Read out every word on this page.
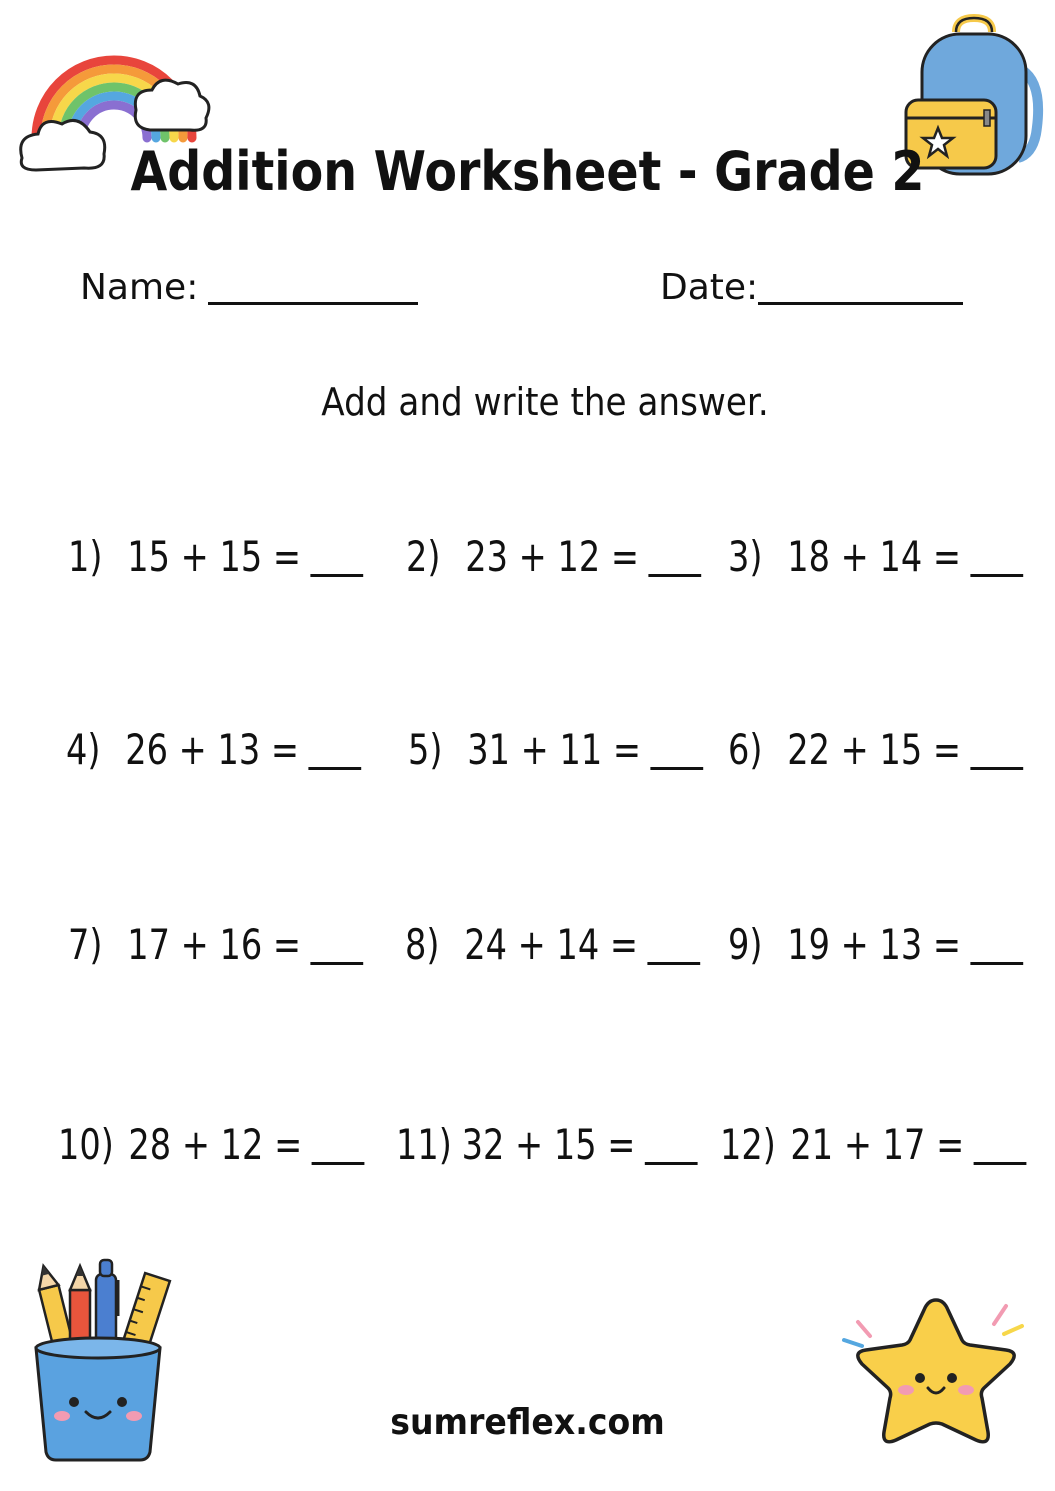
Addition Worksheet - Grade 2
Name:	Date:
Add and write the answer.
1) 15 + 15 = 2) 23 + 12 = 3) 18 + 14 =
4) 26 + 13 =	5) 31 + 11 = 6) 22 + 15 =
7) 17 + 16 = 8) 24 + 14 = 9) 19 + 13 =
10) 28 + 12 = 11) 32 + 15 = 12) 21 + 17 =
sumreflex.com
